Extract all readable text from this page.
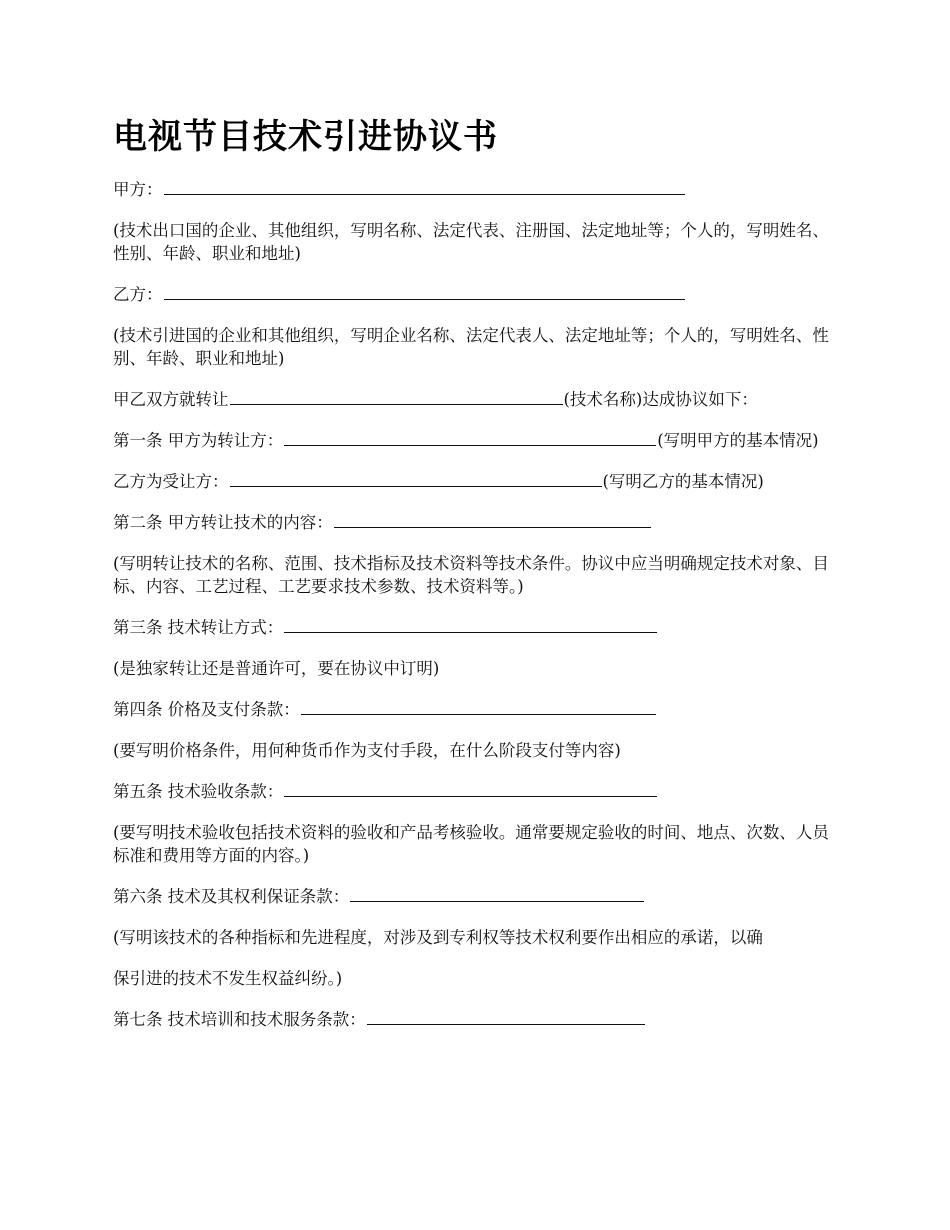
电视节目技术引进协议书
甲方：
(技术出口国的企业、其他组织，写明名称、法定代表、注册国、法定地址等；个人的，写明姓名、性别、年龄、职业和地址)
乙方：
(技术引进国的企业和其他组织，写明企业名称、法定代表人、法定地址等；个人的，写明姓名、性别、年龄、职业和地址)
甲乙双方就转让	(技术名称)达成协议如下：
第一条 甲方为转让方：	(写明甲方的基本情况)
乙方为受让方：	(写明乙方的基本情况)
第二条 甲方转让技术的内容：
(写明转让技术的名称、范围、技术指标及技术资料等技术条件。协议中应当明确规定技术对象、目标、内容、工艺过程、工艺要求技术参数、技术资料等。)
第三条 技术转让方式：
(是独家转让还是普通许可，要在协议中订明)
第四条 价格及支付条款：
(要写明价格条件，用何种货币作为支付手段，在什么阶段支付等内容)
第五条 技术验收条款：
(要写明技术验收包括技术资料的验收和产品考核验收。通常要规定验收的时间、地点、次数、人员标准和费用等方面的内容。)
第六条 技术及其权利保证条款：
(写明该技术的各种指标和先进程度，对涉及到专利权等技术权利要作出相应的承诺，以确
保引进的技术不发生权益纠纷。)
第七条 技术培训和技术服务条款：
